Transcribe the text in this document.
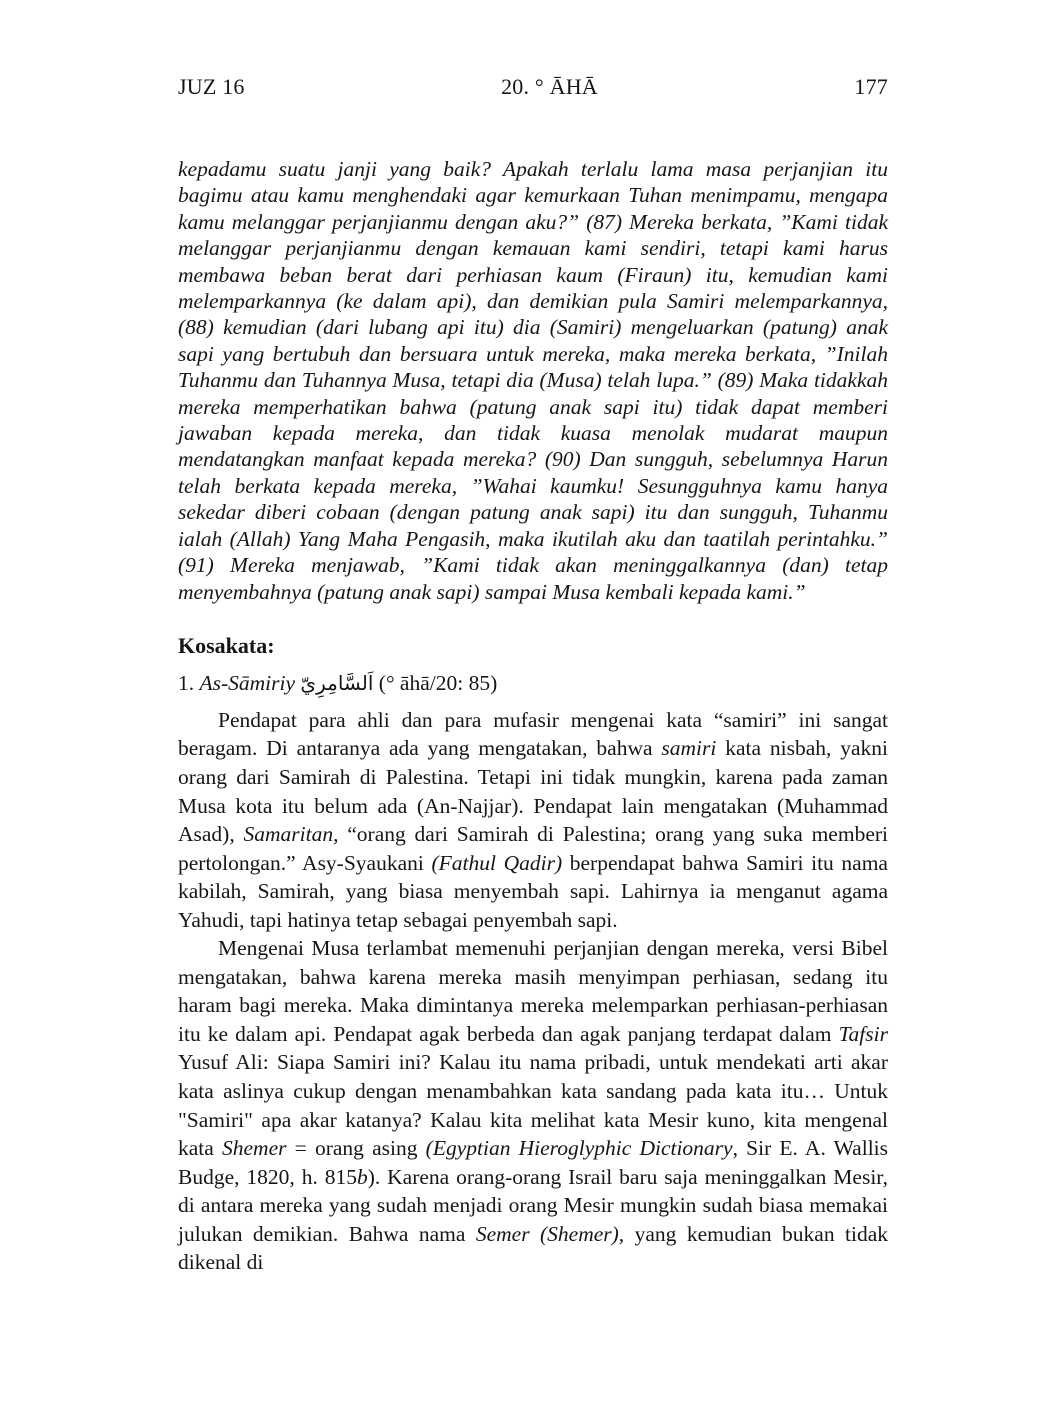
JUZ 16	20. ° ĀHĀ	177

kepadamu suatu janji yang baik? Apakah terlalu lama masa perjanjian itu bagimu atau kamu menghendaki agar kemurkaan Tuhan menimpamu, mengapa kamu melanggar perjanjianmu dengan aku?” (87) Mereka berkata, ”Kami tidak melanggar perjanjianmu dengan kemauan kami sendiri, tetapi kami harus membawa beban berat dari perhiasan kaum (Firaun) itu, kemudian kami melemparkannya (ke dalam api), dan demikian pula Samiri melemparkannya, (88) kemudian (dari lubang api itu) dia (Samiri) mengeluarkan (patung) anak sapi yang bertubuh dan bersuara untuk mereka, maka mereka berkata, ”Inilah Tuhanmu dan Tuhannya Musa, tetapi dia (Musa) telah lupa.” (89) Maka tidakkah mereka memperhatikan bahwa (patung anak sapi itu) tidak dapat memberi jawaban kepada mereka, dan tidak kuasa menolak mudarat maupun mendatangkan manfaat kepada mereka? (90) Dan sungguh, sebelumnya Harun telah berkata kepada mereka, ”Wahai kaumku! Sesungguhnya kamu hanya sekedar diberi cobaan (dengan patung anak sapi) itu dan sungguh, Tuhanmu ialah (Allah) Yang Maha Pengasih, maka ikutilah aku dan taatilah perintahku.” (91) Mereka menjawab, ”Kami tidak akan meninggalkannya (dan) tetap menyembahnya (patung anak sapi) sampai Musa kembali kepada kami.”

Kosakata:
1. As-Sāmiriy اَلسَّامِرِيّ (° āhā/20: 85)

Pendapat para ahli dan para mufasir mengenai kata “samiri” ini sangat beragam. Di antaranya ada yang mengatakan, bahwa samiri kata nisbah, yakni orang dari Samirah di Palestina. Tetapi ini tidak mungkin, karena pada zaman Musa kota itu belum ada (An-Najjar). Pendapat lain mengatakan (Muhammad Asad), Samaritan, “orang dari Samirah di Palestina; orang yang suka memberi pertolongan.” Asy-Syaukani (Fathul Qadir) berpendapat bahwa Samiri itu nama kabilah, Samirah, yang biasa menyembah sapi. Lahirnya ia menganut agama Yahudi, tapi hatinya tetap sebagai penyembah sapi.

Mengenai Musa terlambat memenuhi perjanjian dengan mereka, versi Bibel mengatakan, bahwa karena mereka masih menyimpan perhiasan, sedang itu haram bagi mereka. Maka dimintanya mereka melemparkan perhiasan-perhiasan itu ke dalam api. Pendapat agak berbeda dan agak panjang terdapat dalam Tafsir Yusuf Ali: Siapa Samiri ini? Kalau itu nama pribadi, untuk mendekati arti akar kata aslinya cukup dengan menambahkan kata sandang pada kata itu… Untuk "Samiri" apa akar katanya? Kalau kita melihat kata Mesir kuno, kita mengenal kata Shemer = orang asing (Egyptian Hieroglyphic Dictionary, Sir E. A. Wallis Budge, 1820, h. 815b). Karena orang-orang Israil baru saja meninggalkan Mesir, di antara mereka yang sudah menjadi orang Mesir mungkin sudah biasa memakai julukan demikian. Bahwa nama Semer (Shemer), yang kemudian bukan tidak dikenal di
